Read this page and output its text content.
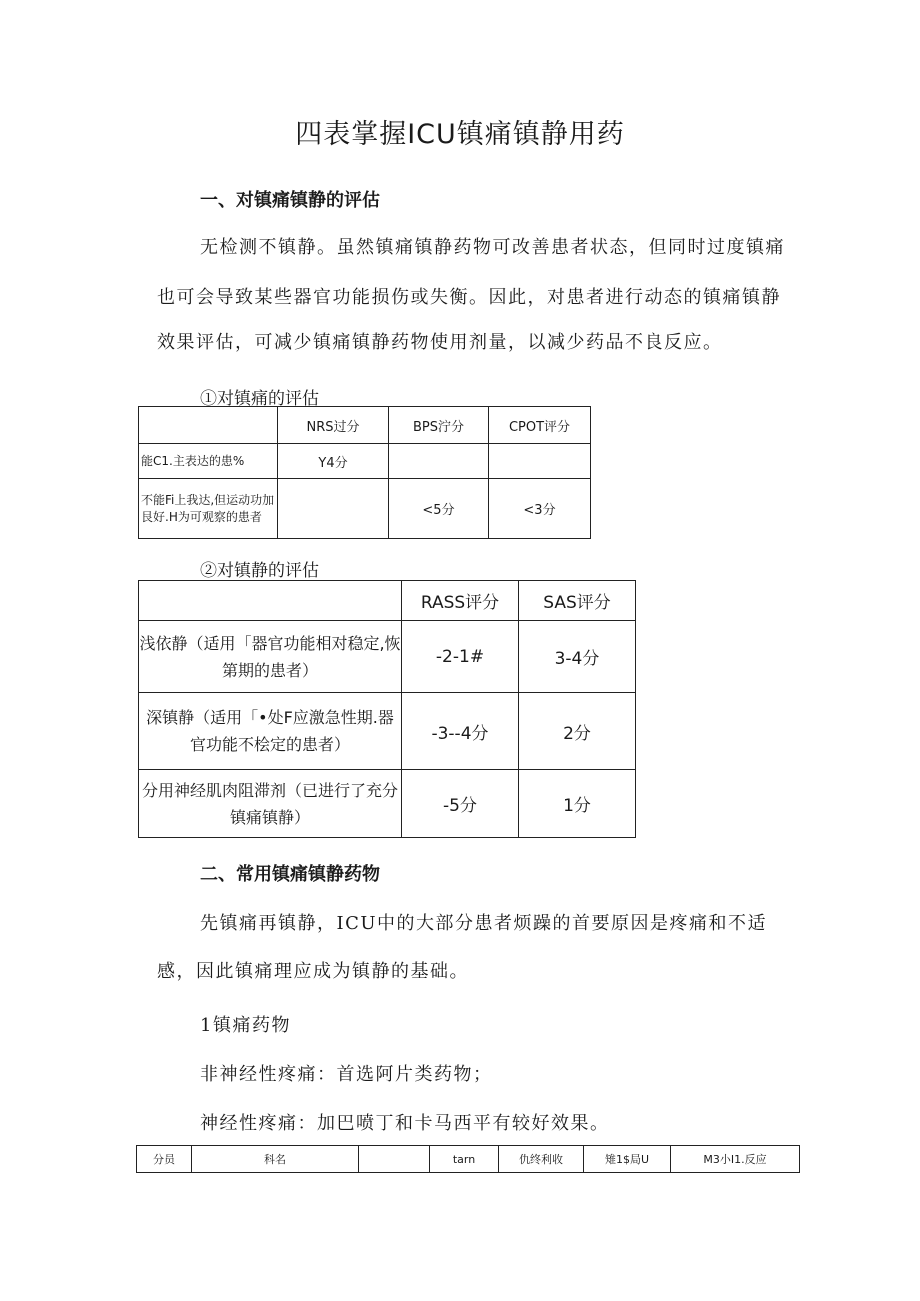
四表掌握ICU镇痛镇静用药
一、对镇痛镇静的评估
无检测不镇静。虽然镇痛镇静药物可改善患者状态，但同时过度镇痛
也可会导致某些器官功能损伤或失衡。因此，对患者进行动态的镇痛镇静
效果评估，可减少镇痛镇静药物使用剂量，以减少药品不良反应。
①对镇痛的评估
	NRS过分	BPS泞分	CPOT评分
能C1.主表达的患%	Y4分		
不能Fi上我达,但运动功加艮好.H为可观察的患者		<5分	<3分
②对镇静的评估
	RASS评分	SAS评分
浅依静（适用「器官功能相对稳定,恢第期的患者）	-2-1#	3-4分
深镇静（适用「•处F应激急性期.器官功能不桧定的患者）	-3--4分	2分
分用神经肌肉阻滞剂（已进行了充分镇痛镇静）	-5分	1分
二、常用镇痛镇静药物
先镇痛再镇静，ICU中的大部分患者烦躁的首要原因是疼痛和不适
感，因此镇痛理应成为镇静的基础。
1镇痛药物
非神经性疼痛：首选阿片类药物；
神经性疼痛：加巴喷丁和卡马西平有较好效果。
分员	科名		tarn	仇终利收	雉1$局U	M3小I1.反应
